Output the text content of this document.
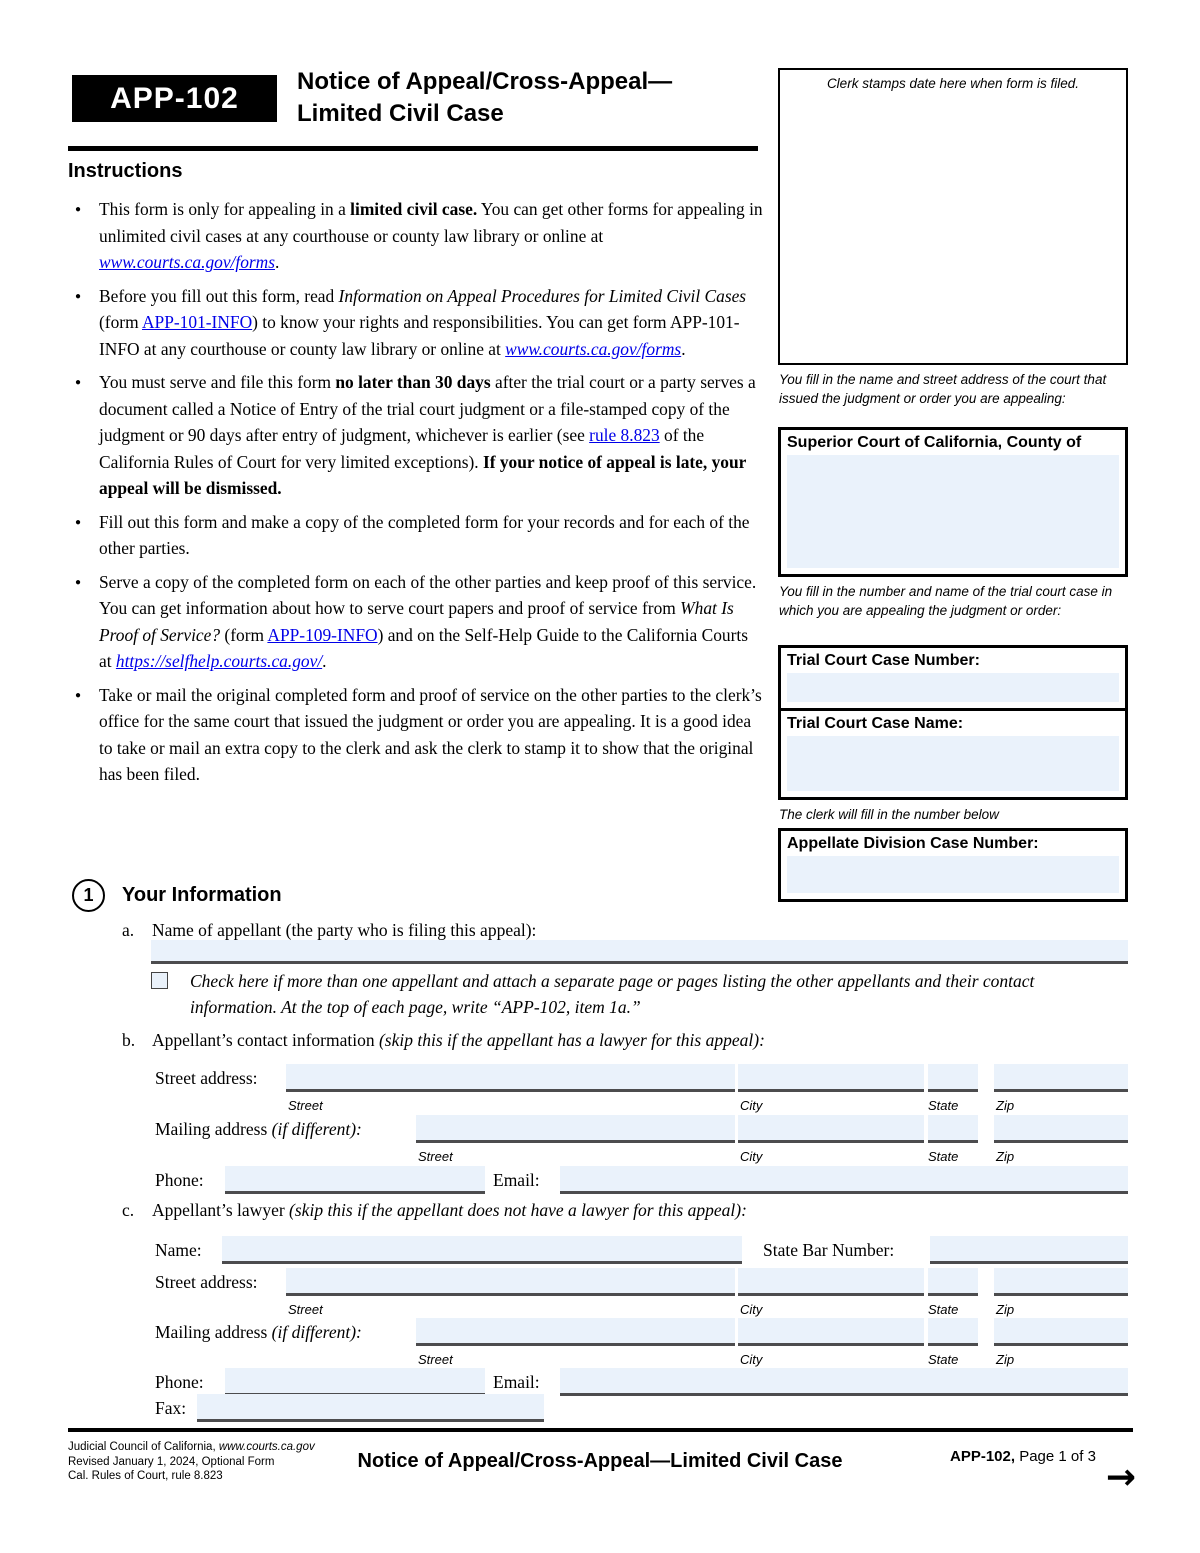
APP-102	Notice of Appeal/Cross-Appeal—
Limited Civil Case
Clerk stamps date here when form is filed.
You fill in the name and street address of the court that issued the judgment or order you are appealing:
Superior Court of California, County of
You fill in the number and name of the trial court case in which you are appealing the judgment or order:
Trial Court Case Number:
Trial Court Case Name:
The clerk will fill in the number below
Appellate Division Case Number:
Instructions
● This form is only for appealing in a limited civil case. You can get other forms for appealing in unlimited civil cases at any courthouse or county law library or online at www.courts.ca.gov/forms.
● Before you fill out this form, read Information on Appeal Procedures for Limited Civil Cases (form APP-101-INFO) to know your rights and responsibilities. You can get form APP-101-INFO at any courthouse or county law library or online at www.courts.ca.gov/forms.
● You must serve and file this form no later than 30 days after the trial court or a party serves a document called a Notice of Entry of the trial court judgment or a file-stamped copy of the judgment or 90 days after entry of judgment, whichever is earlier (see rule 8.823 of the California Rules of Court for very limited exceptions). If your notice of appeal is late, your appeal will be dismissed.
● Fill out this form and make a copy of the completed form for your records and for each of the other parties.
● Serve a copy of the completed form on each of the other parties and keep proof of this service. You can get information about how to serve court papers and proof of service from What Is Proof of Service? (form APP-109-INFO) and on the Self-Help Guide to the California Courts at https://selfhelp.courts.ca.gov/.
● Take or mail the original completed form and proof of service on the other parties to the clerk’s office for the same court that issued the judgment or order you are appealing. It is a good idea to take or mail an extra copy to the clerk and ask the clerk to stamp it to show that the original has been filed.
1	Your Information
a. Name of appellant (the party who is filing this appeal):
Check here if more than one appellant and attach a separate page or pages listing the other appellants and their contact information. At the top of each page, write “APP-102, item 1a.”
b. Appellant’s contact information (skip this if the appellant has a lawyer for this appeal):
Street address:
Street	City	State	Zip
Mailing address (if different):
Street	City	State	Zip
Phone:	Email:
c. Appellant’s lawyer (skip this if the appellant does not have a lawyer for this appeal):
Name:	State Bar Number:
Street address:
Street	City	State	Zip
Mailing address (if different):
Street	City	State	Zip
Phone:	Email:
Fax:
Judicial Council of California, www.courts.ca.gov
Revised January 1, 2024, Optional Form
Cal. Rules of Court, rule 8.823
Notice of Appeal/Cross-Appeal—Limited Civil Case	APP-102, Page 1 of 3
→
